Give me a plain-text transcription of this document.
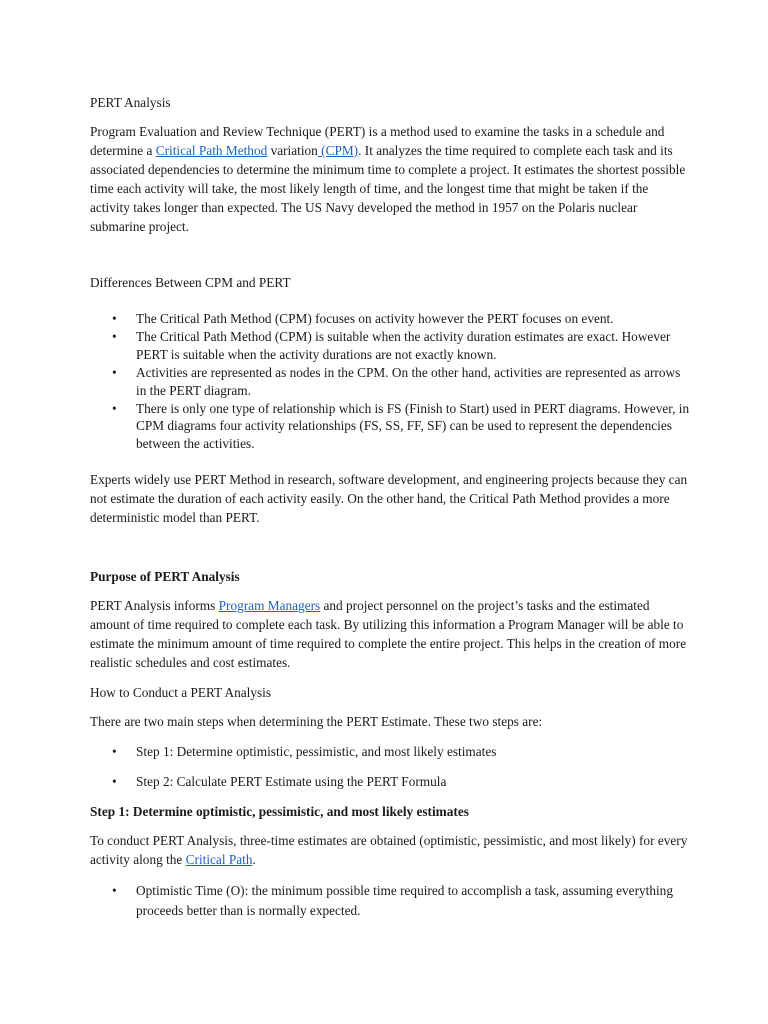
PERT Analysis

Program Evaluation and Review Technique (PERT) is a method used to examine the tasks in a schedule and determine a Critical Path Method variation (CPM). It analyzes the time required to complete each task and its associated dependencies to determine the minimum time to complete a project. It estimates the shortest possible time each activity will take, the most likely length of time, and the longest time that might be taken if the activity takes longer than expected. The US Navy developed the method in 1957 on the Polaris nuclear submarine project.

Differences Between CPM and PERT

• The Critical Path Method (CPM) focuses on activity however the PERT focuses on event.
• The Critical Path Method (CPM) is suitable when the activity duration estimates are exact. However PERT is suitable when the activity durations are not exactly known.
• Activities are represented as nodes in the CPM. On the other hand, activities are represented as arrows in the PERT diagram.
• There is only one type of relationship which is FS (Finish to Start) used in PERT diagrams. However, in CPM diagrams four activity relationships (FS, SS, FF, SF) can be used to represent the dependencies between the activities.

Experts widely use PERT Method in research, software development, and engineering projects because they can not estimate the duration of each activity easily. On the other hand, the Critical Path Method provides a more deterministic model than PERT.

Purpose of PERT Analysis

PERT Analysis informs Program Managers and project personnel on the project’s tasks and the estimated amount of time required to complete each task. By utilizing this information a Program Manager will be able to estimate the minimum amount of time required to complete the entire project. This helps in the creation of more realistic schedules and cost estimates.

How to Conduct a PERT Analysis

There are two main steps when determining the PERT Estimate. These two steps are:

• Step 1: Determine optimistic, pessimistic, and most likely estimates
• Step 2: Calculate PERT Estimate using the PERT Formula

Step 1: Determine optimistic, pessimistic, and most likely estimates

To conduct PERT Analysis, three-time estimates are obtained (optimistic, pessimistic, and most likely) for every activity along the Critical Path.

• Optimistic Time (O): the minimum possible time required to accomplish a task, assuming everything proceeds better than is normally expected.
